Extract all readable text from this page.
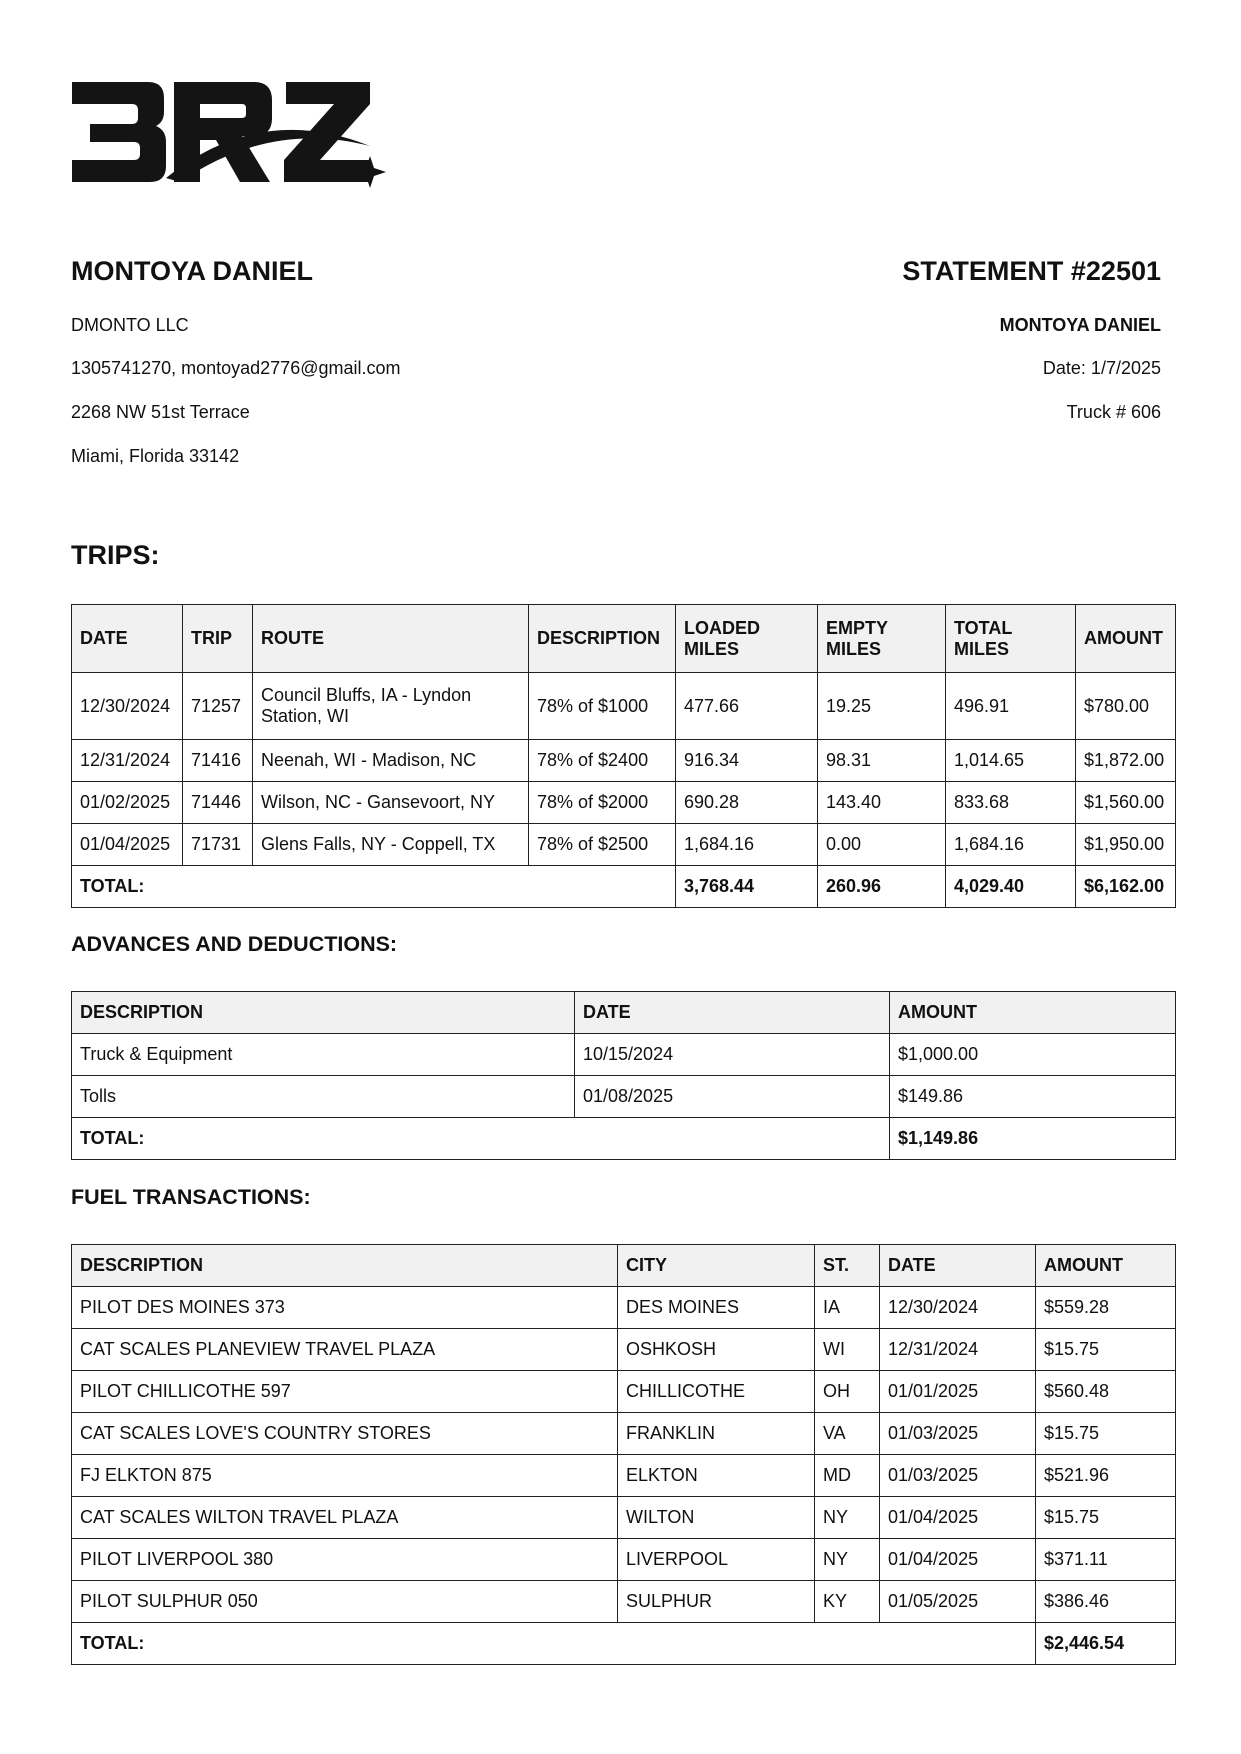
MONTOYA DANIEL
DMONTO LLC
1305741270, montoyad2776@gmail.com
2268 NW 51st Terrace
Miami, Florida 33142
STATEMENT #22501
MONTOYA DANIEL
Date: 1/7/2025
Truck # 606
TRIPS:
DATE	TRIP	ROUTE	DESCRIPTION	LOADED MILES	EMPTY MILES	TOTAL MILES	AMOUNT
12/30/2024	71257	Council Bluffs, IA - Lyndon Station, WI	78% of $1000	477.66	19.25	496.91	$780.00
12/31/2024	71416	Neenah, WI - Madison, NC	78% of $2400	916.34	98.31	1,014.65	$1,872.00
01/02/2025	71446	Wilson, NC - Gansevoort, NY	78% of $2000	690.28	143.40	833.68	$1,560.00
01/04/2025	71731	Glens Falls, NY - Coppell, TX	78% of $2500	1,684.16	0.00	1,684.16	$1,950.00
TOTAL:				3,768.44	260.96	4,029.40	$6,162.00
ADVANCES AND DEDUCTIONS:
DESCRIPTION	DATE	AMOUNT
Truck & Equipment	10/15/2024	$1,000.00
Tolls	01/08/2025	$149.86
TOTAL:		$1,149.86
FUEL TRANSACTIONS:
DESCRIPTION	CITY	ST.	DATE	AMOUNT
PILOT DES MOINES 373	DES MOINES	IA	12/30/2024	$559.28
CAT SCALES PLANEVIEW TRAVEL PLAZA	OSHKOSH	WI	12/31/2024	$15.75
PILOT CHILLICOTHE 597	CHILLICOTHE	OH	01/01/2025	$560.48
CAT SCALES LOVE'S COUNTRY STORES	FRANKLIN	VA	01/03/2025	$15.75
FJ ELKTON 875	ELKTON	MD	01/03/2025	$521.96
CAT SCALES WILTON TRAVEL PLAZA	WILTON	NY	01/04/2025	$15.75
PILOT LIVERPOOL 380	LIVERPOOL	NY	01/04/2025	$371.11
PILOT SULPHUR 050	SULPHUR	KY	01/05/2025	$386.46
TOTAL:				$2,446.54
